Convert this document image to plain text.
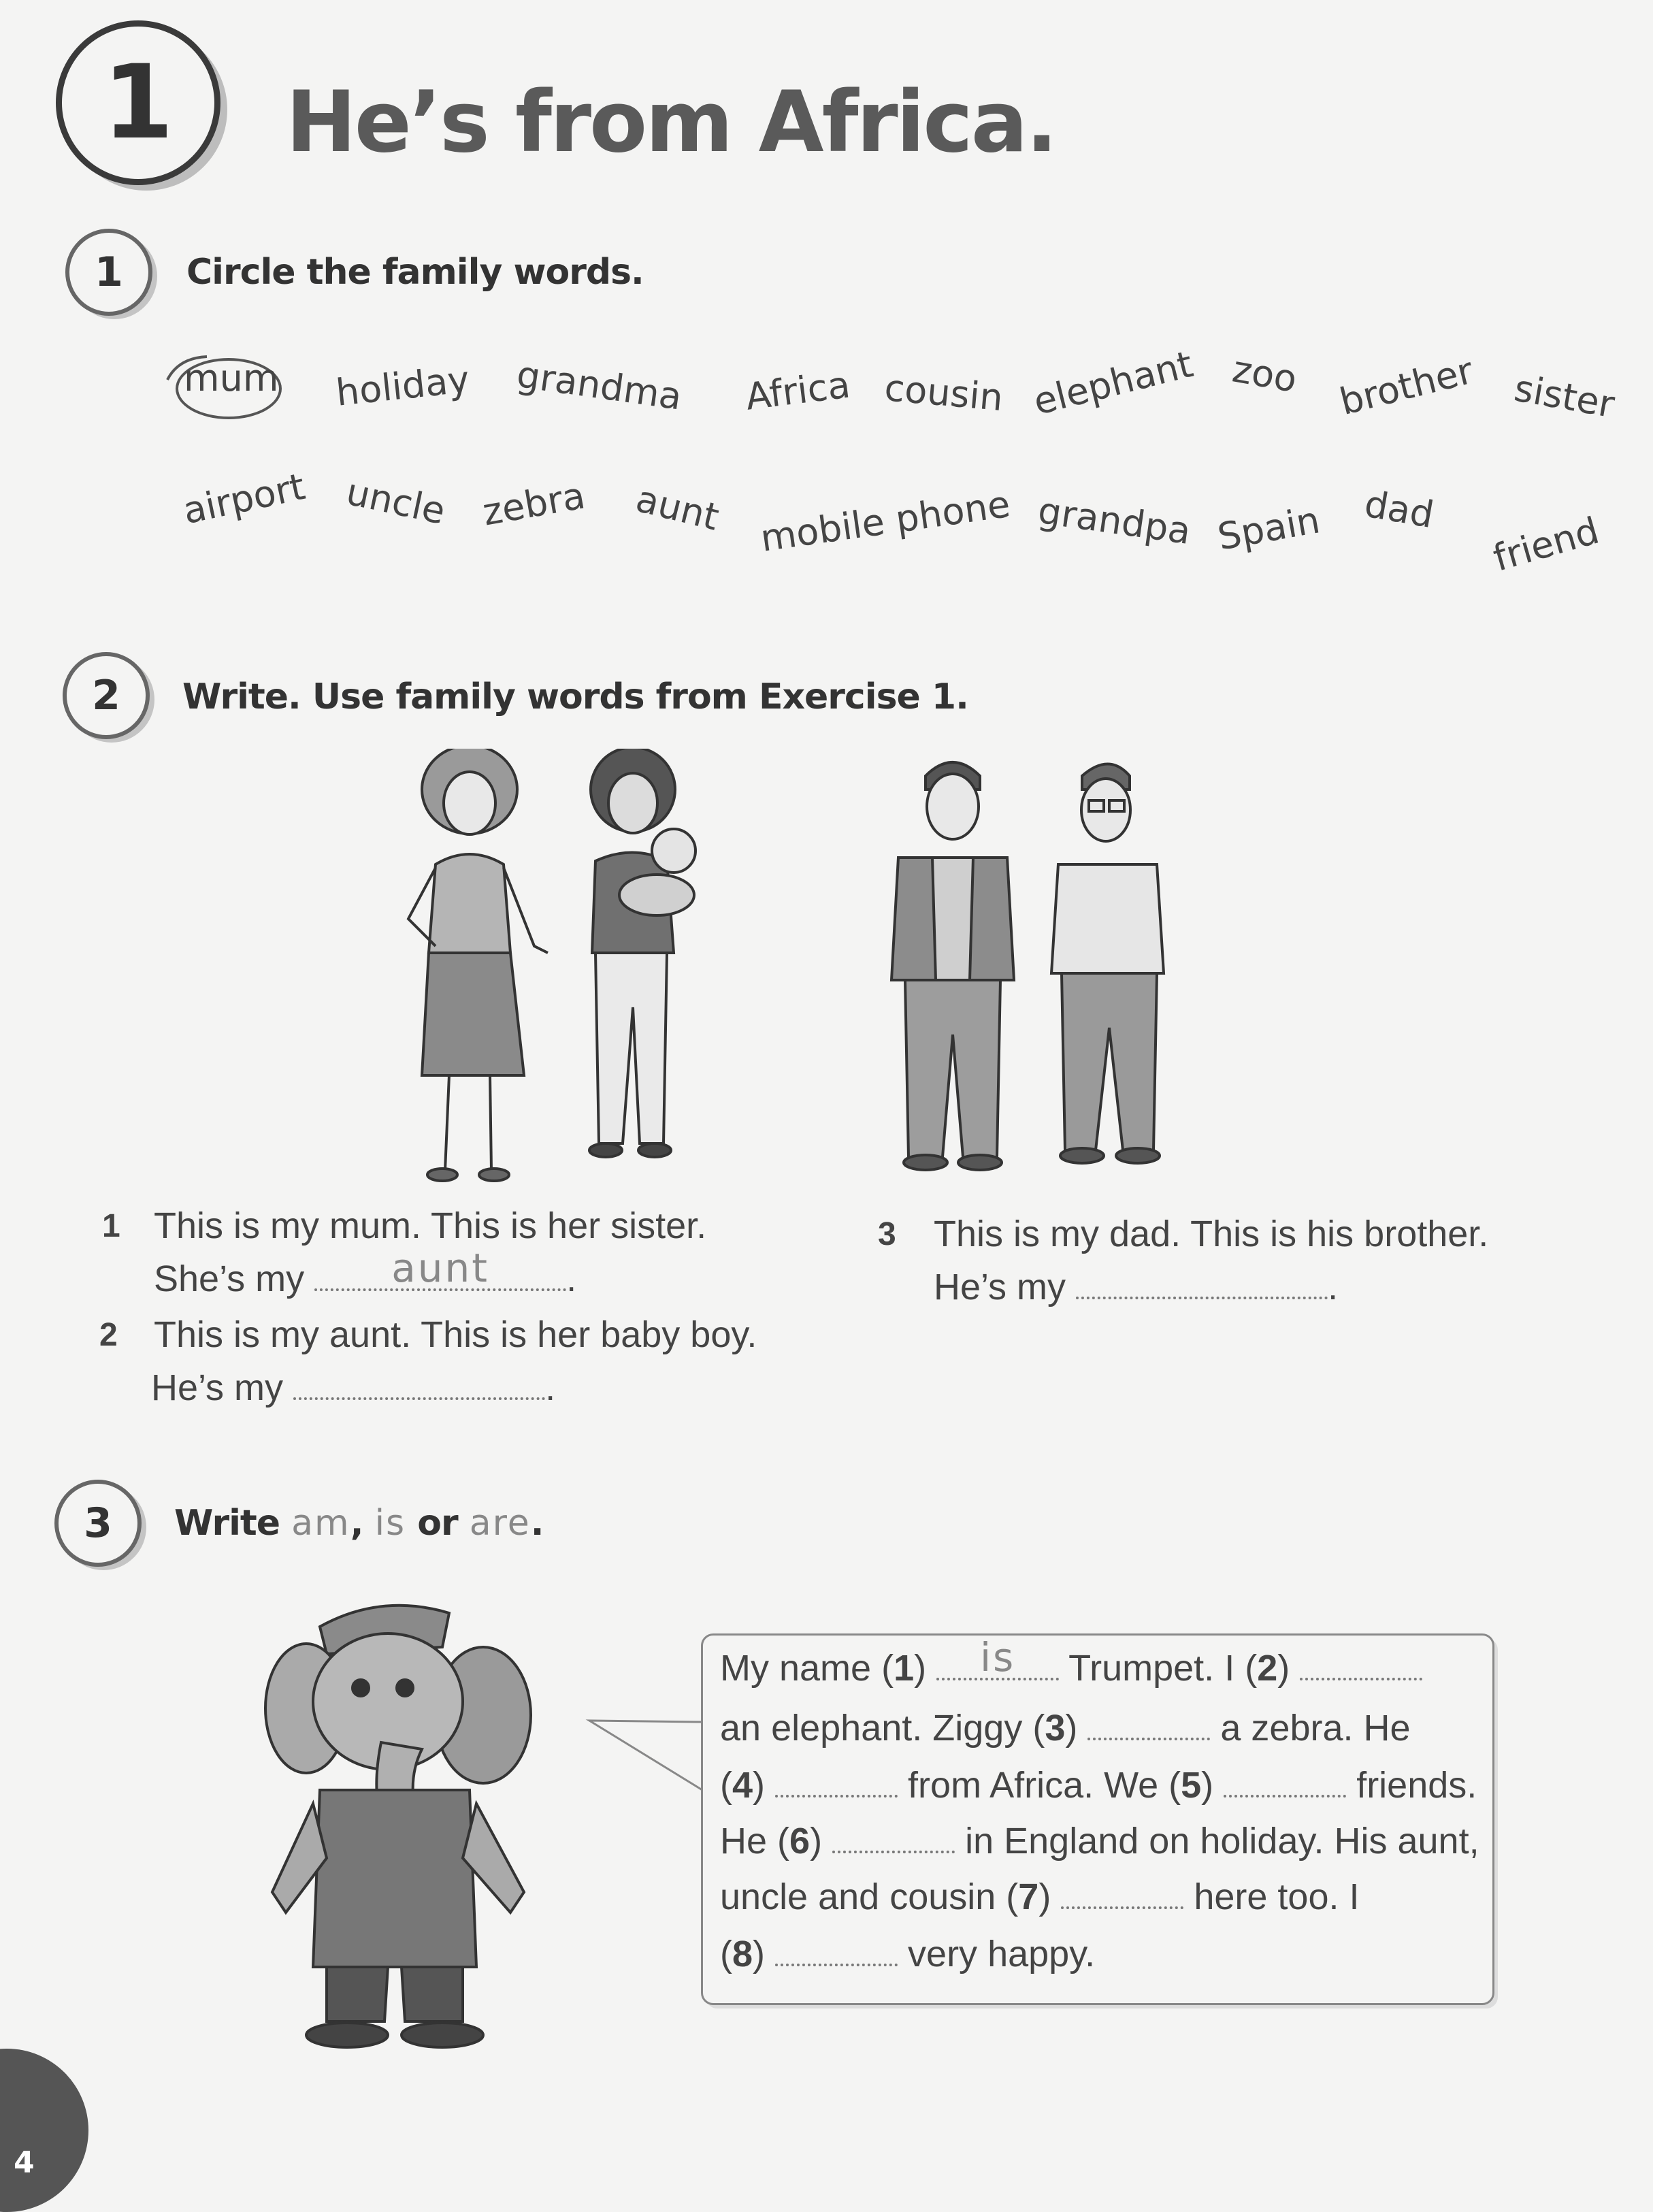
1 He’s from Africa.
1 Circle the family words.
mum holiday grandma Africa cousin elephant zoo brother sister
airport uncle zebra aunt mobile phone grandpa Spain dad friend
2 Write. Use family words from Exercise 1.
1 This is my mum. This is her sister.
She’s my	aunt	.
2 This is my aunt. This is her baby boy.
He’s my	.
3 This is my dad. This is his brother.
He’s my	.
3 Write am, is or are.
My name (1)	is	Trumpet. I (2)
an elephant. Ziggy (3)	a zebra. He
(4)	from Africa. We (5)	friends.
He (6)	in England on holiday. His aunt,
uncle and cousin (7)	here too. I
(8)	very happy.
4
